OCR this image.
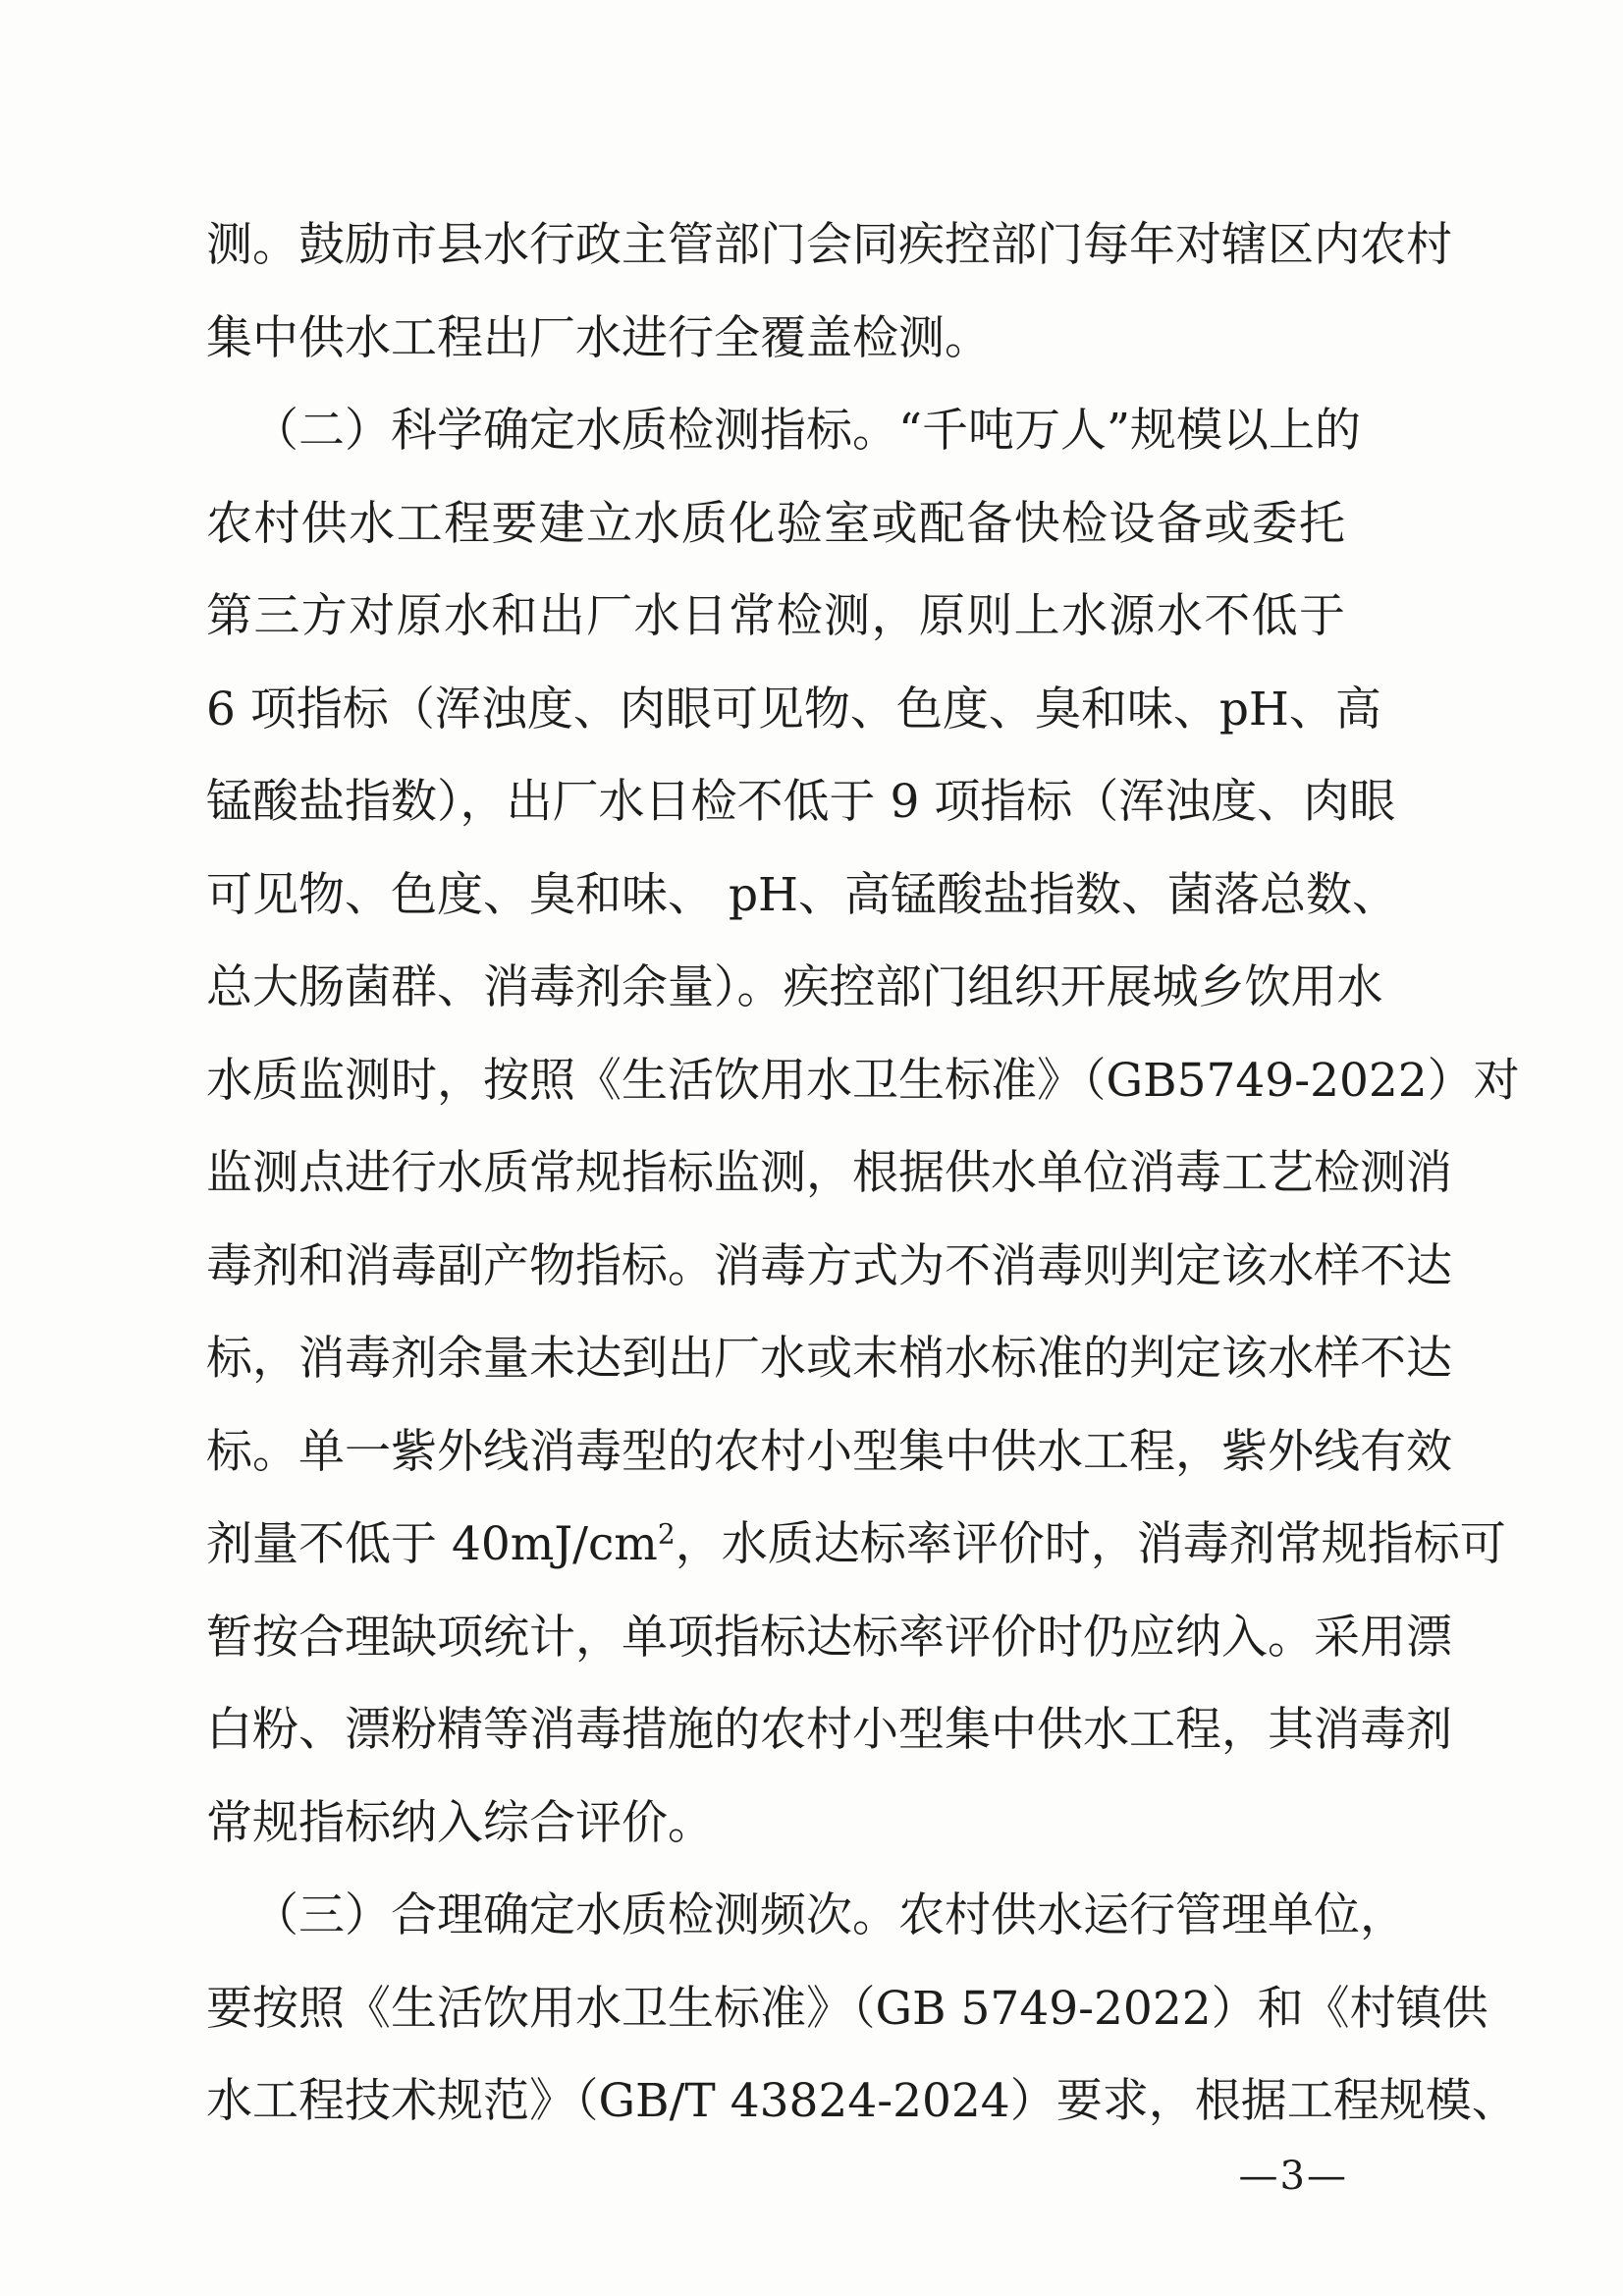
测。鼓励市县水行政主管部门会同疾控部门每年对辖区内农村
集中供水工程出厂水进行全覆盖检测。
（二）科学确定水质检测指标。“千吨万人”规模以上的
农村供水工程要建立水质化验室或配备快检设备或委托
第三方对原水和出厂水日常检测，原则上水源水不低于
6 项指标（浑浊度、肉眼可见物、色度、臭和味、pH、高
锰酸盐指数），出厂水日检不低于 9 项指标（浑浊度、肉眼
可见物、色度、臭和味、 pH、高锰酸盐指数、菌落总数、
总大肠菌群、消毒剂余量）。疾控部门组织开展城乡饮用水
水质监测时，按照《生活饮用水卫生标准》（GB5749-2022）对
监测点进行水质常规指标监测，根据供水单位消毒工艺检测消
毒剂和消毒副产物指标。消毒方式为不消毒则判定该水样不达
标，消毒剂余量未达到出厂水或末梢水标准的判定该水样不达
标。单一紫外线消毒型的农村小型集中供水工程，紫外线有效
剂量不低于 $40mJ/cm^2$，水质达标率评价时，消毒剂常规指标可
暂按合理缺项统计，单项指标达标率评价时仍应纳入。采用漂
白粉、漂粉精等消毒措施的农村小型集中供水工程，其消毒剂
常规指标纳入综合评价。
（三）合理确定水质检测频次。农村供水运行管理单位，
要按照《生活饮用水卫生标准》（GB 5749-2022）和《村镇供
水工程技术规范》（GB/T 43824-2024）要求，根据工程规模、
—3—
